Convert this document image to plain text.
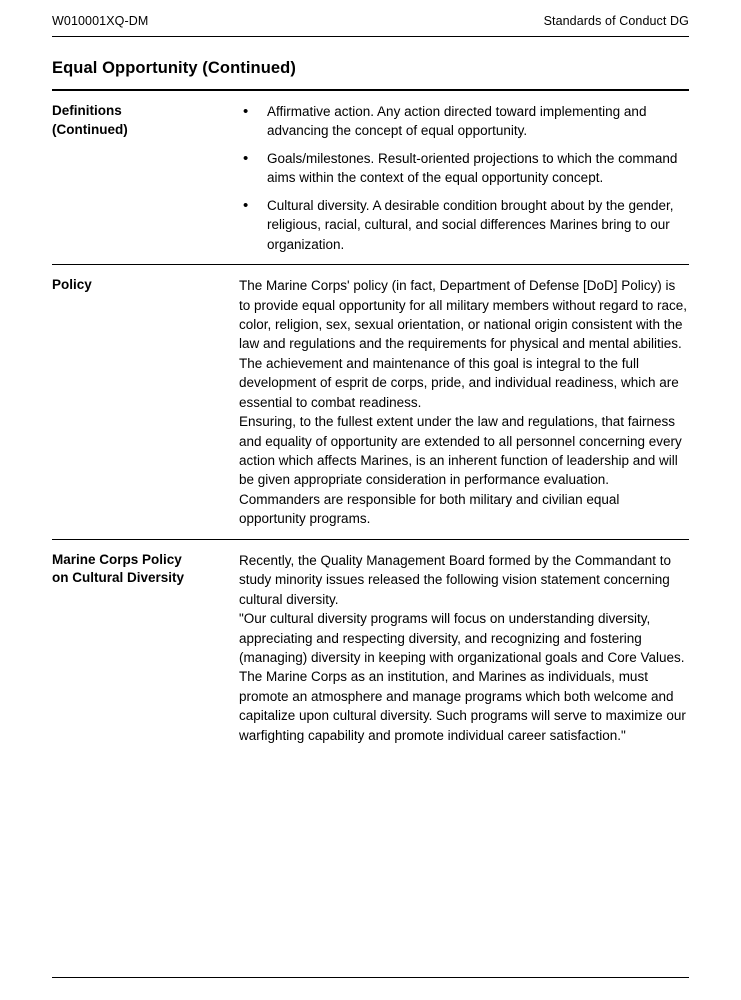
W010001XQ-DM	Standards of Conduct DG
Equal Opportunity (Continued)
Definitions
(Continued)
• Affirmative action. Any action directed toward implementing and advancing the concept of equal opportunity.
• Goals/milestones. Result-oriented projections to which the command aims within the context of the equal opportunity concept.
• Cultural diversity. A desirable condition brought about by the gender, religious, racial, cultural, and social differences Marines bring to our organization.
Policy	The Marine Corps' policy (in fact, Department of Defense [DoD] Policy) is to provide equal opportunity for all military members without regard to race, color, religion, sex, sexual orientation, or national origin consistent with the law and regulations and the requirements for physical and mental abilities. The achievement and maintenance of this goal is integral to the full development of esprit de corps, pride, and individual readiness, which are essential to combat readiness.

Ensuring, to the fullest extent under the law and regulations, that fairness and equality of opportunity are extended to all personnel concerning every action which affects Marines, is an inherent function of leadership and will be given appropriate consideration in performance evaluation. Commanders are responsible for both military and civilian equal opportunity programs.

Marine Corps Policy
on Cultural Diversity

Recently, the Quality Management Board formed by the Commandant to study minority issues released the following vision statement concerning cultural diversity.

"Our cultural diversity programs will focus on understanding diversity, appreciating and respecting diversity, and recognizing and fostering (managing) diversity in keeping with organizational goals and Core Values. The Marine Corps as an institution, and Marines as individuals, must promote an atmosphere and manage programs which both welcome and capitalize upon cultural diversity. Such programs will serve to maximize our warfighting capability and promote individual career satisfaction."
